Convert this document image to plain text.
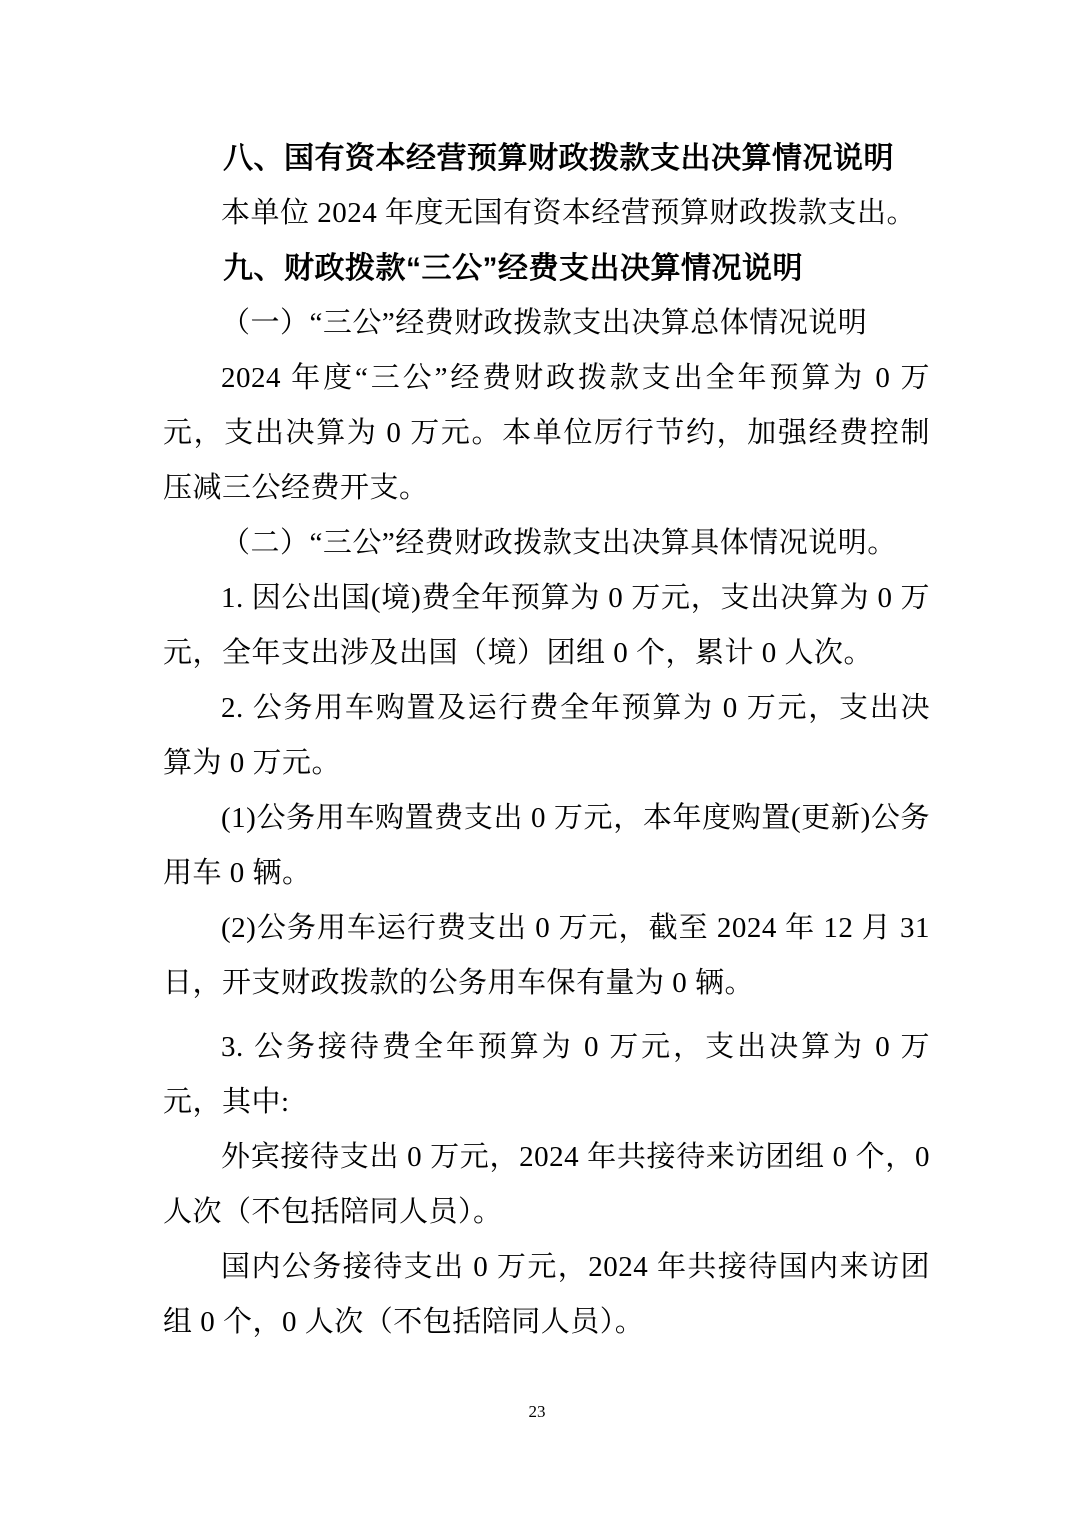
八、国有资本经营预算财政拨款支出决算情况说明

本单位 2024 年度无国有资本经营预算财政拨款支出。

九、财政拨款“三公”经费支出决算情况说明

（一）“三公”经费财政拨款支出决算总体情况说明

2024 年度“三公”经费财政拨款支出全年预算为 0 万元，支出决算为 0 万元。本单位厉行节约，加强经费控制压减三公经费开支。

（二）“三公”经费财政拨款支出决算具体情况说明。

1. 因公出国(境)费全年预算为 0 万元，支出决算为 0 万元，全年支出涉及出国（境）团组 0 个，累计 0 人次。

2. 公务用车购置及运行费全年预算为 0 万元，支出决算为 0 万元。

(1)公务用车购置费支出 0 万元，本年度购置(更新)公务用车 0 辆。

(2)公务用车运行费支出 0 万元，截至 2024 年 12 月 31 日，开支财政拨款的公务用车保有量为 0 辆。

3. 公务接待费全年预算为 0 万元，支出决算为 0 万元，其中:

外宾接待支出 0 万元，2024 年共接待来访团组 0 个，0 人次（不包括陪同人员）。

国内公务接待支出 0 万元，2024 年共接待国内来访团组 0 个，0 人次（不包括陪同人员）。

23
